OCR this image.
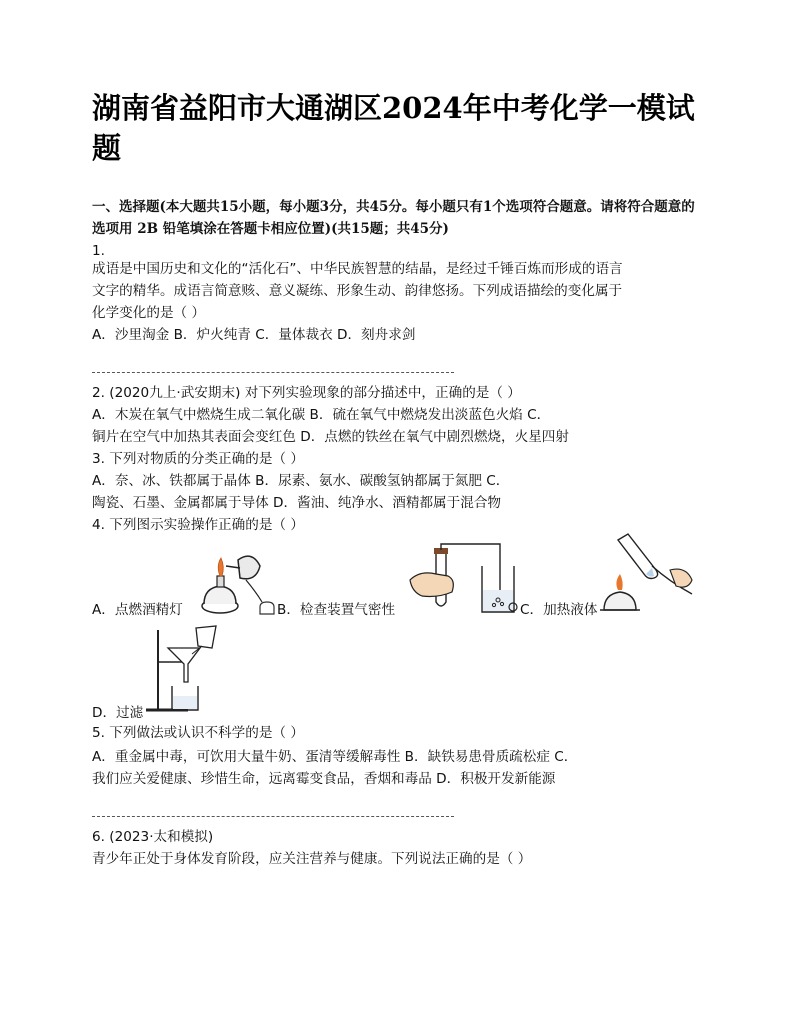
湖南省益阳市大通湖区2024年中考化学一模试题
一、选择题(本大题共15小题，每小题3分，共45分。每小题只有1个选项符合题意。请将符合题意的选项用 2B 铅笔填涂在答题卡相应位置)(共15题；共45分)
1.
成语是中国历史和文化的“活化石”、中华民族智慧的结晶，是经过千锤百炼而形成的语言
文字的精华。成语言简意赅、意义凝练、形象生动、韵律悠扬。下列成语描绘的变化属于
化学变化的是（ ）
A．沙里淘金 B．炉火纯青 C．量体裁衣 D．刻舟求剑
2. (2020九上·武安期末) 对下列实验现象的部分描述中，正确的是（ ）
A．木炭在氧气中燃烧生成二氧化碳 B．硫在氧气中燃烧发出淡蓝色火焰 C．
铜片在空气中加热其表面会变红色 D．点燃的铁丝在氧气中剧烈燃烧，火星四射
3. 下列对物质的分类正确的是（ ）
A．奈、冰、铁都属于晶体 B．尿素、氨水、碳酸氢钠都属于氮肥 C．
陶瓷、石墨、金属都属于导体 D．酱油、纯净水、酒精都属于混合物
4. 下列图示实验操作正确的是（ ）
A．点燃酒精灯	B．检查装置气密性	C．加热液体
D．过滤
5. 下列做法或认识不科学的是（ ）
A．重金属中毒，可饮用大量牛奶、蛋清等缓解毒性 B．缺铁易患骨质疏松症 C．
我们应关爱健康、珍惜生命，远离霉变食品，香烟和毒品 D．积极开发新能源
6. (2023·太和模拟)
青少年正处于身体发育阶段，应关注营养与健康。下列说法正确的是（ ）
